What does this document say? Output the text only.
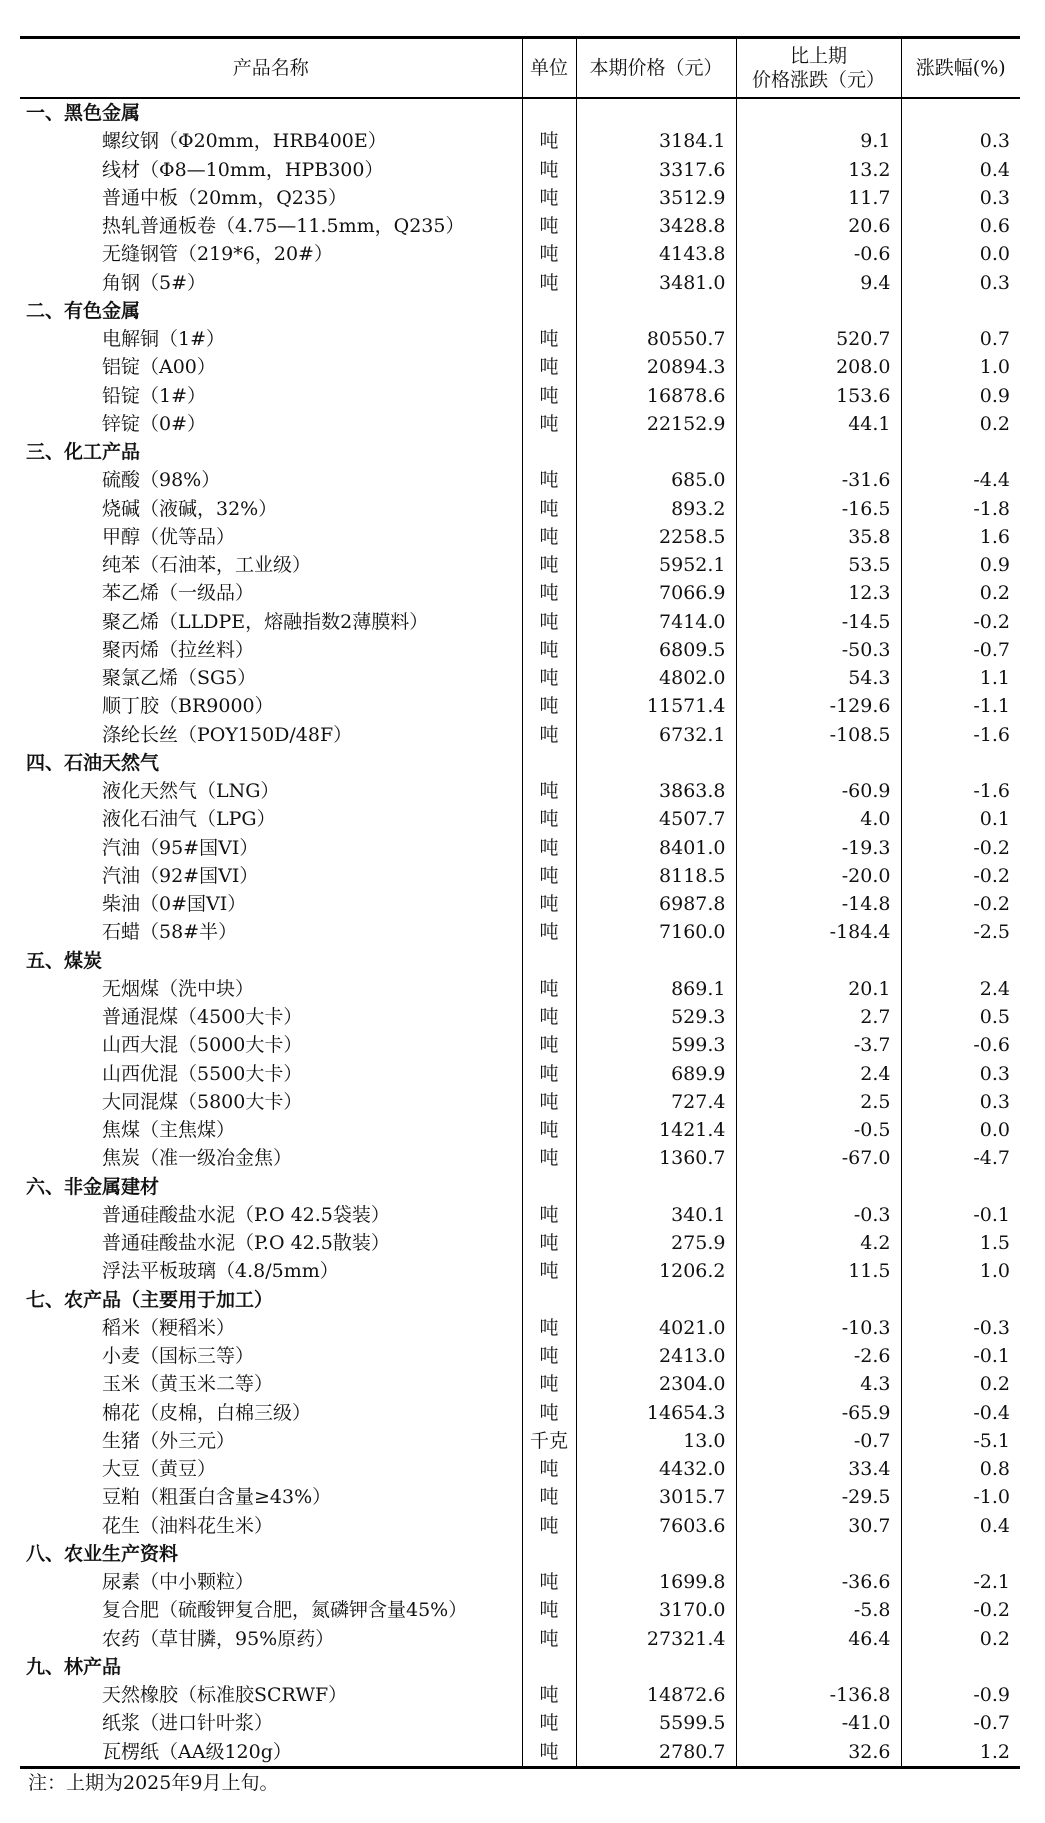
产品名称	单位	本期价格（元）	比上期
价格涨跌（元）	涨跌幅(%)
一、黑色金属				
螺纹钢（Φ20mm，HRB400E）	吨	3184.1	9.1	0.3
线材（Φ8—10mm，HPB300）	吨	3317.6	13.2	0.4
普通中板（20mm，Q235）	吨	3512.9	11.7	0.3
热轧普通板卷（4.75—11.5mm，Q235）	吨	3428.8	20.6	0.6
无缝钢管（219*6，20#）	吨	4143.8	-0.6	0.0
角钢（5#）	吨	3481.0	9.4	0.3
二、有色金属				
电解铜（1#）	吨	80550.7	520.7	0.7
铝锭（A00）	吨	20894.3	208.0	1.0
铅锭（1#）	吨	16878.6	153.6	0.9
锌锭（0#）	吨	22152.9	44.1	0.2
三、化工产品				
硫酸（98%）	吨	685.0	-31.6	-4.4
烧碱（液碱，32%）	吨	893.2	-16.5	-1.8
甲醇（优等品）	吨	2258.5	35.8	1.6
纯苯（石油苯，工业级）	吨	5952.1	53.5	0.9
苯乙烯（一级品）	吨	7066.9	12.3	0.2
聚乙烯（LLDPE，熔融指数2薄膜料）	吨	7414.0	-14.5	-0.2
聚丙烯（拉丝料）	吨	6809.5	-50.3	-0.7
聚氯乙烯（SG5）	吨	4802.0	54.3	1.1
顺丁胶（BR9000）	吨	11571.4	-129.6	-1.1
涤纶长丝（POY150D/48F）	吨	6732.1	-108.5	-1.6
四、石油天然气				
液化天然气（LNG）	吨	3863.8	-60.9	-1.6
液化石油气（LPG）	吨	4507.7	4.0	0.1
汽油（95#国VI）	吨	8401.0	-19.3	-0.2
汽油（92#国VI）	吨	8118.5	-20.0	-0.2
柴油（0#国VI）	吨	6987.8	-14.8	-0.2
石蜡（58#半）	吨	7160.0	-184.4	-2.5
五、煤炭				
无烟煤（洗中块）	吨	869.1	20.1	2.4
普通混煤（4500大卡）	吨	529.3	2.7	0.5
山西大混（5000大卡）	吨	599.3	-3.7	-0.6
山西优混（5500大卡）	吨	689.9	2.4	0.3
大同混煤（5800大卡）	吨	727.4	2.5	0.3
焦煤（主焦煤）	吨	1421.4	-0.5	0.0
焦炭（准一级冶金焦）	吨	1360.7	-67.0	-4.7
六、非金属建材				
普通硅酸盐水泥（P.O 42.5袋装）	吨	340.1	-0.3	-0.1
普通硅酸盐水泥（P.O 42.5散装）	吨	275.9	4.2	1.5
浮法平板玻璃（4.8/5mm）	吨	1206.2	11.5	1.0
七、农产品（主要用于加工）				
稻米（粳稻米）	吨	4021.0	-10.3	-0.3
小麦（国标三等）	吨	2413.0	-2.6	-0.1
玉米（黄玉米二等）	吨	2304.0	4.3	0.2
棉花（皮棉，白棉三级）	吨	14654.3	-65.9	-0.4
生猪（外三元）	千克	13.0	-0.7	-5.1
大豆（黄豆）	吨	4432.0	33.4	0.8
豆粕（粗蛋白含量≥43%）	吨	3015.7	-29.5	-1.0
花生（油料花生米）	吨	7603.6	30.7	0.4
八、农业生产资料				
尿素（中小颗粒）	吨	1699.8	-36.6	-2.1
复合肥（硫酸钾复合肥，氮磷钾含量45%）	吨	3170.0	-5.8	-0.2
农药（草甘膦，95%原药）	吨	27321.4	46.4	0.2
九、林产品				
天然橡胶（标准胶SCRWF）	吨	14872.6	-136.8	-0.9
纸浆（进口针叶浆）	吨	5599.5	-41.0	-0.7
瓦楞纸（AA级120g）	吨	2780.7	32.6	1.2
注：上期为2025年9月上旬。
